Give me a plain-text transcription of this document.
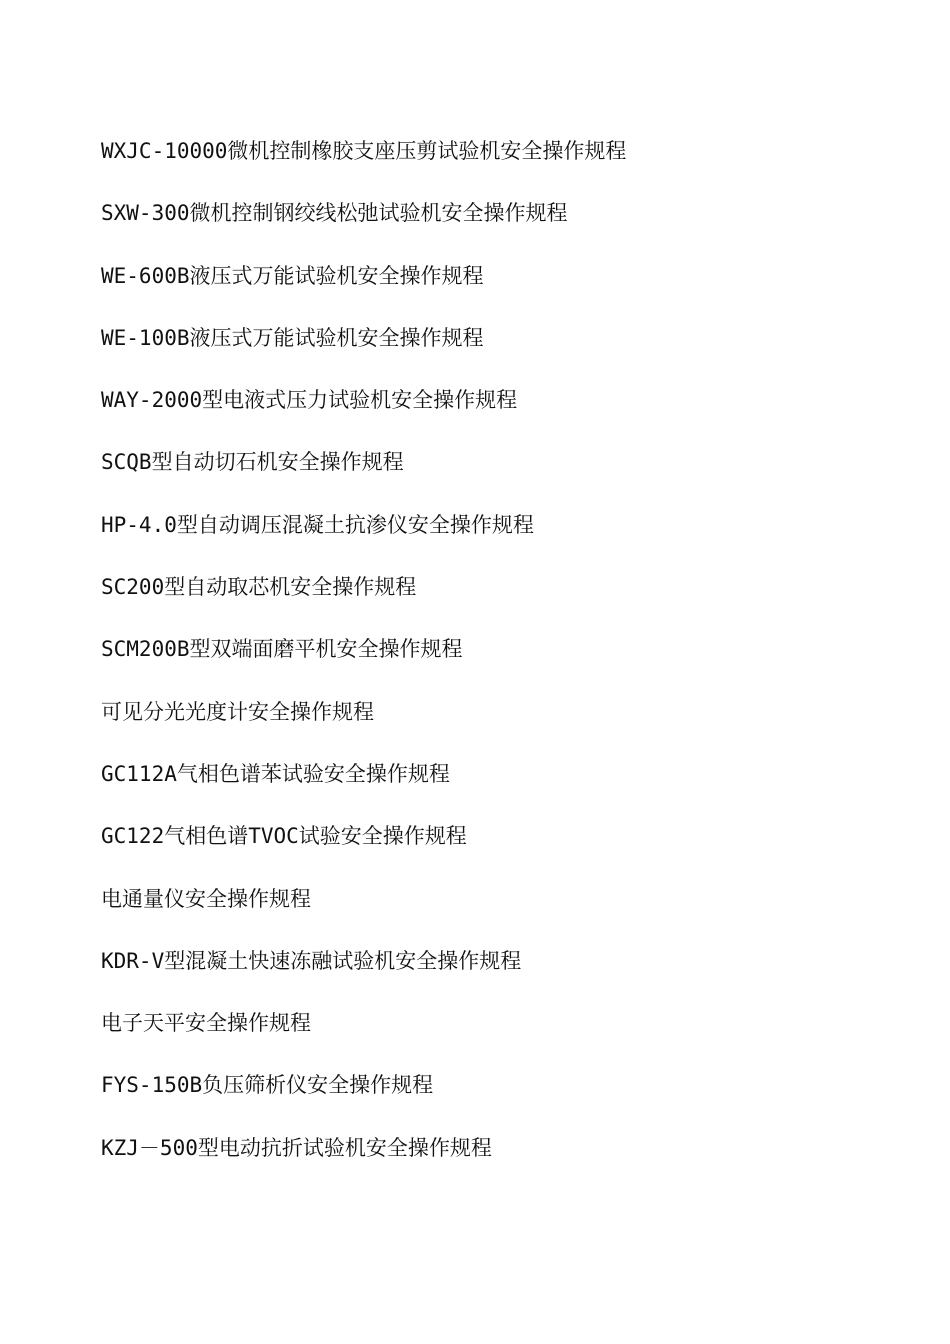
WXJC-10000微机控制橡胶支座压剪试验机安全操作规程
SXW-300微机控制钢绞线松弛试验机安全操作规程
WE-600B液压式万能试验机安全操作规程
WE-100B液压式万能试验机安全操作规程
WAY-2000型电液式压力试验机安全操作规程
SCQB型自动切石机安全操作规程
HP-4.0型自动调压混凝土抗渗仪安全操作规程
SC200型自动取芯机安全操作规程
SCM200B型双端面磨平机安全操作规程
可见分光光度计安全操作规程
GC112A气相色谱苯试验安全操作规程
GC122气相色谱TVOC试验安全操作规程
电通量仪安全操作规程
KDR-V型混凝土快速冻融试验机安全操作规程
电子天平安全操作规程
FYS-150B负压筛析仪安全操作规程
KZJ－500型电动抗折试验机安全操作规程
